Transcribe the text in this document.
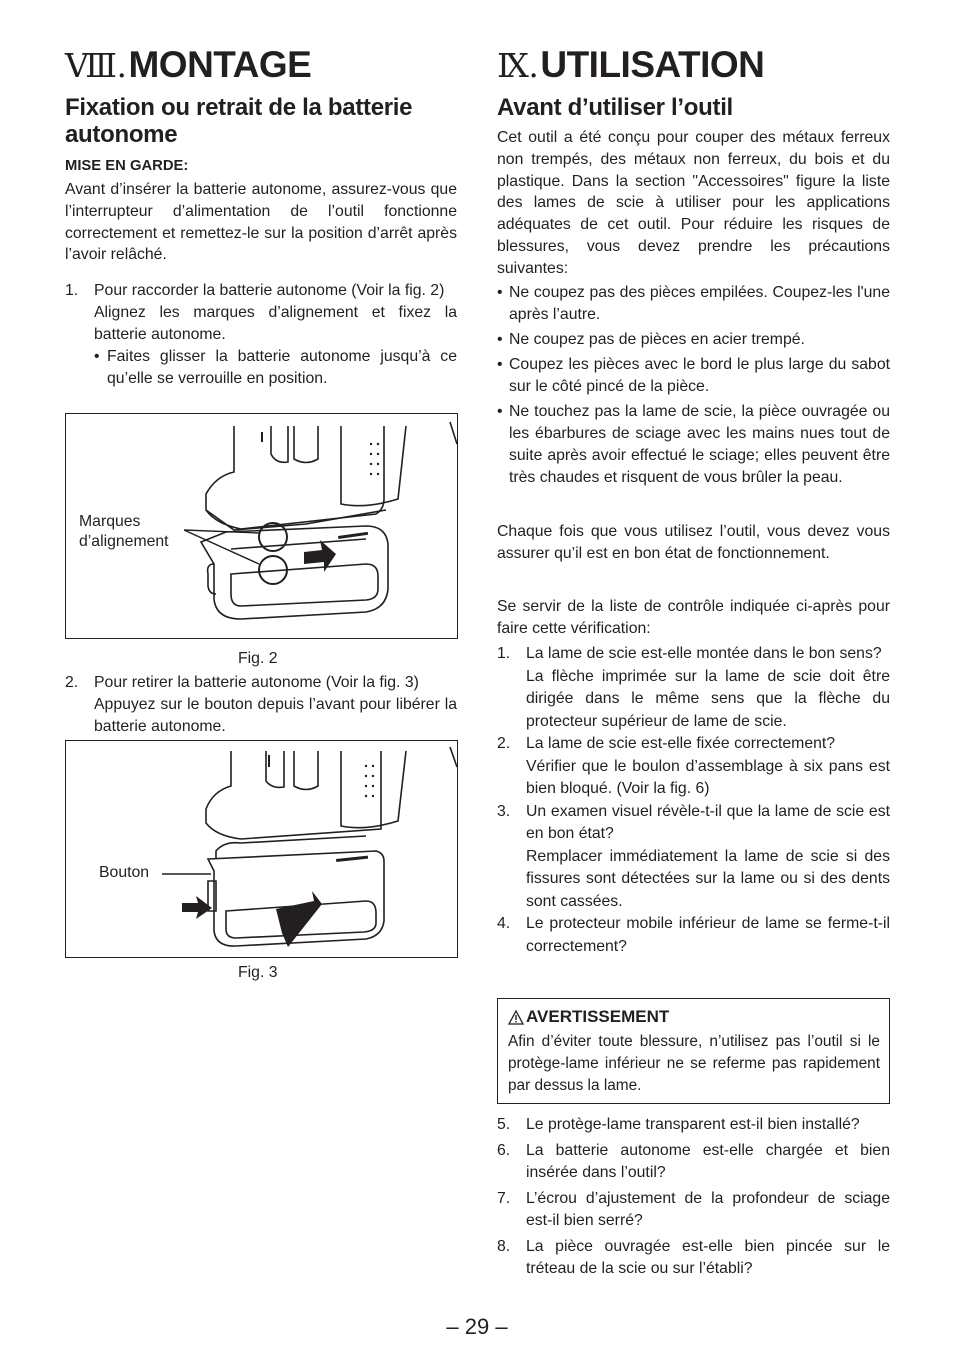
Ⅷ.MONTAGE
Fixation ou retrait de la batterie autonome
MISE EN GARDE:
Avant d’insérer la batterie autonome, assurez-vous que l’interrupteur d’alimentation de l’outil fonctionne correctement et remettez-le sur la position d’arrêt après l’avoir relâché.
1. Pour raccorder la batterie autonome (Voir la fig. 2)
Alignez les marques d’alignement et fixez la batterie autonome.
• Faites glisser la batterie autonome jusqu’à ce qu’elle se verrouille en position.
Marques
d’alignement
Fig. 2
2. Pour retirer la batterie autonome (Voir la fig. 3)
Appuyez sur le bouton depuis l’avant pour libérer la batterie autonome.
Bouton
Fig. 3
Ⅸ.UTILISATION
Avant d’utiliser l’outil
Cet outil a été conçu pour couper des métaux ferreux non trempés, des métaux non ferreux, du bois et du plastique. Dans la section "Accessoires" figure la liste des lames de scie à utiliser pour les applications adéquates de cet outil. Pour réduire les risques de blessures, vous devez prendre les précautions suivantes:
• Ne coupez pas des pièces empilées. Coupez-les l'une après l’autre.
• Ne coupez pas de pièces en acier trempé.
• Coupez les pièces avec le bord le plus large du sabot sur le côté pincé de la pièce.
• Ne touchez pas la lame de scie, la pièce ouvragée ou les ébarbures de sciage avec les mains nues tout de suite après avoir effectué le sciage; elles peuvent être très chaudes et risquent de vous brûler la peau.
Chaque fois que vous utilisez l’outil, vous devez vous assurer qu’il est en bon état de fonctionnement.
Se servir de la liste de contrôle indiquée ci-après pour faire cette vérification:
1. La lame de scie est-elle montée dans le bon sens?
La flèche imprimée sur la lame de scie doit être dirigée dans le même sens que la flèche du protecteur supérieur de lame de scie.
2. La lame de scie est-elle fixée correctement?
Vérifier que le boulon d’assemblage à six pans est bien bloqué. (Voir la fig. 6)
3. Un examen visuel révèle-t-il que la lame de scie est en bon état?
Remplacer immédiatement la lame de scie si des fissures sont détectées sur la lame ou si des dents sont cassées.
4. Le protecteur mobile inférieur de lame se ferme-t-il correctement?
AVERTISSEMENT
Afin d’éviter toute blessure, n’utilisez pas l’outil si le protège-lame inférieur ne se referme pas rapidement par dessus la lame.
5. Le protège-lame transparent est-il bien installé?
6. La batterie autonome est-elle chargée et bien insérée dans l’outil?
7. L’écrou d’ajustement de la profondeur de sciage est-il bien serré?
8. La pièce ouvragée est-elle bien pincée sur le tréteau de la scie ou sur l’établi?
– 29 –
